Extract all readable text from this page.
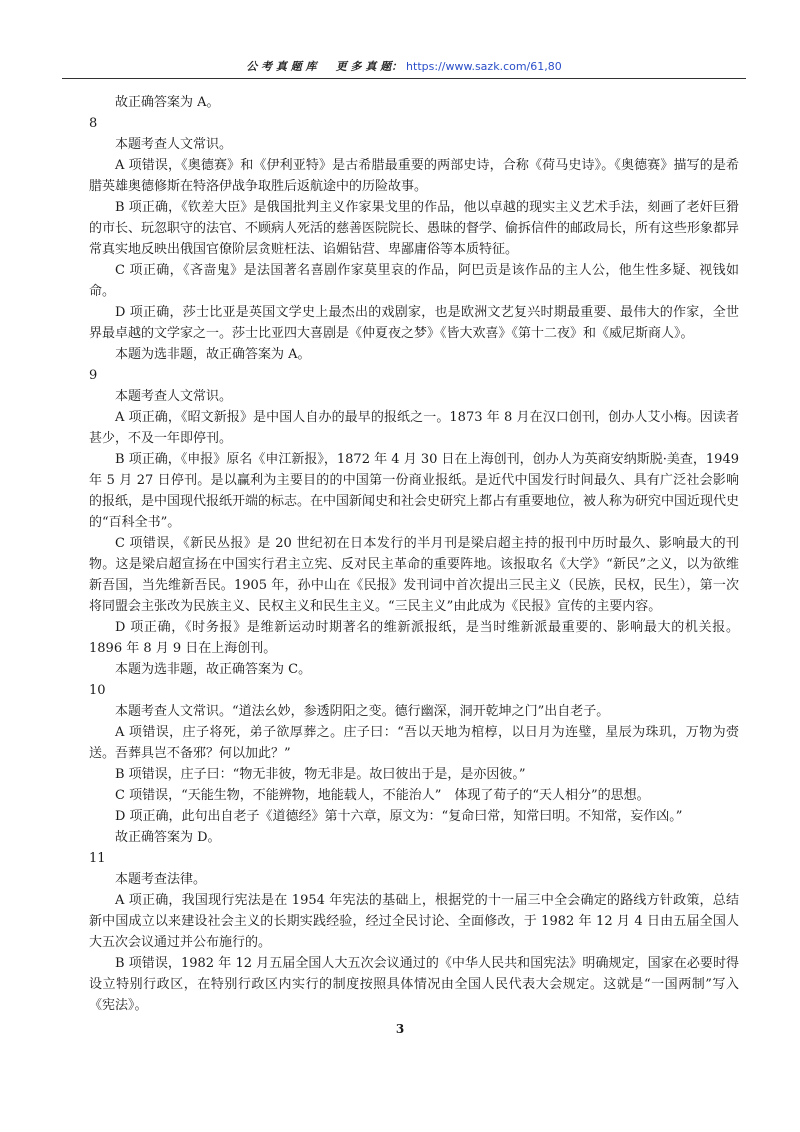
公 考 真 题 库 更 多 真 题： https://www.sazk.com/61,80

故正确答案为 A。

8

本题考查人文常识。

A 项错误，《奥德赛》和《伊利亚特》是古希腊最重要的两部史诗，合称《荷马史诗》。《奥德赛》描写的是希腊英雄奥德修斯在特洛伊战争取胜后返航途中的历险故事。

B 项正确，《钦差大臣》是俄国批判主义作家果戈里的作品，他以卓越的现实主义艺术手法，刻画了老奸巨猾的市长、玩忽职守的法官、不顾病人死活的慈善医院院长、愚昧的督学、偷拆信件的邮政局长，所有这些形象都异常真实地反映出俄国官僚阶层贪赃枉法、谄媚钻营、卑鄙庸俗等本质特征。

C 项正确，《吝啬鬼》是法国著名喜剧作家莫里哀的作品，阿巴贡是该作品的主人公，他生性多疑、视钱如命。

D 项正确，莎士比亚是英国文学史上最杰出的戏剧家，也是欧洲文艺复兴时期最重要、最伟大的作家，全世界最卓越的文学家之一。莎士比亚四大喜剧是《仲夏夜之梦》《皆大欢喜》《第十二夜》和《威尼斯商人》。

本题为选非题，故正确答案为 A。

9

本题考查人文常识。

A 项正确，《昭文新报》是中国人自办的最早的报纸之一。1873 年 8 月在汉口创刊，创办人艾小梅。因读者甚少，不及一年即停刊。

B 项正确，《申报》原名《申江新报》，1872 年 4 月 30 日在上海创刊，创办人为英商安纳斯脱·美查，1949 年 5 月 27 日停刊。是以赢利为主要目的的中国第一份商业报纸。是近代中国发行时间最久、具有广泛社会影响的报纸，是中国现代报纸开端的标志。在中国新闻史和社会史研究上都占有重要地位，被人称为研究中国近现代史的“百科全书”。

C 项错误，《新民丛报》是 20 世纪初在日本发行的半月刊是梁启超主持的报刊中历时最久、影响最大的刊物。这是梁启超宣扬在中国实行君主立宪、反对民主革命的重要阵地。该报取名《大学》“新民”之义，以为欲维新吾国，当先维新吾民。1905 年，孙中山在《民报》发刊词中首次提出三民主义（民族，民权，民生），第一次将同盟会主张改为民族主义、民权主义和民生主义。“三民主义”由此成为《民报》宣传的主要内容。

D 项正确，《时务报》是维新运动时期著名的维新派报纸，是当时维新派最重要的、影响最大的机关报。1896 年 8 月 9 日在上海创刊。

本题为选非题，故正确答案为 C。

10

本题考查人文常识。“道法幺妙，参透阴阳之变。德行幽深，洞开乾坤之门”出自老子。

A 项错误，庄子将死，弟子欲厚葬之。庄子曰：“吾以天地为棺椁，以日月为连璧，星辰为珠玑，万物为赍送。吾葬具岂不备邪？何以加此？”

B 项错误，庄子曰：“物无非彼，物无非是。故曰彼出于是，是亦因彼。”

C 项错误，“天能生物，不能辨物，地能载人，不能治人”　体现了荀子的“天人相分”的思想。

D 项正确，此句出自老子《道德经》第十六章，原文为：“复命曰常，知常曰明。不知常，妄作凶。”

故正确答案为 D。

11

本题考查法律。

A 项正确，我国现行宪法是在 1954 年宪法的基础上，根据党的十一届三中全会确定的路线方针政策，总结新中国成立以来建设社会主义的长期实践经验，经过全民讨论、全面修改，于 1982 年 12 月 4 日由五届全国人大五次会议通过并公布施行的。

B 项错误，1982 年 12 月五届全国人大五次会议通过的《中华人民共和国宪法》明确规定，国家在必要时得设立特别行政区，在特别行政区内实行的制度按照具体情况由全国人民代表大会规定。这就是“一国两制”写入《宪法》。

3
